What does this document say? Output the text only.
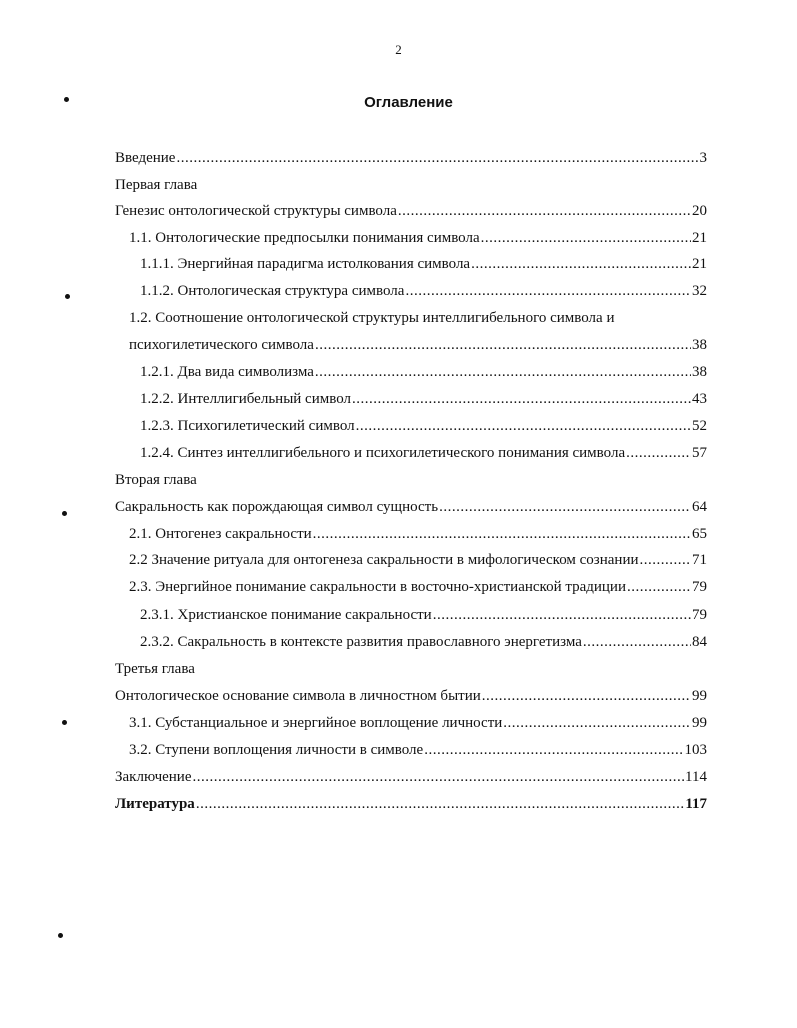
2
Оглавление
Введение .....	3
Первая глава
Генезис онтологической структуры символа .....	20
1.1. Онтологические предпосылки понимания символа .....	21
1.1.1. Энергийная парадигма истолкования символа .....	21
1.1.2. Онтологическая структура символа .....	32
1.2. Соотношение онтологической структуры интеллигибельного символа и
психогилетического символа .....	38
1.2.1. Два вида символизма .....	38
1.2.2. Интеллигибельный символ .....	43
1.2.3. Психогилетический символ .....	52
1.2.4. Синтез интеллигибельного и психогилетического понимания символа .....	57
Вторая глава
Сакральность как порождающая символ сущность .....	64
2.1. Онтогенез сакральности .....	65
2.2 Значение ритуала для онтогенеза сакральности в мифологическом сознании .....	71
2.3. Энергийное понимание сакральности в восточно-христианской традиции .....	79
2.3.1. Христианское понимание сакральности .....	79
2.3.2. Сакральность в контексте развития православного энергетизма .....	84
Третья глава
Онтологическое основание символа в личностном бытии .....	99
3.1. Субстанциальное и энергийное воплощение личности .....	99
3.2. Ступени воплощения личности в символе .....	103
Заключение .....	114
Литература .....	117
